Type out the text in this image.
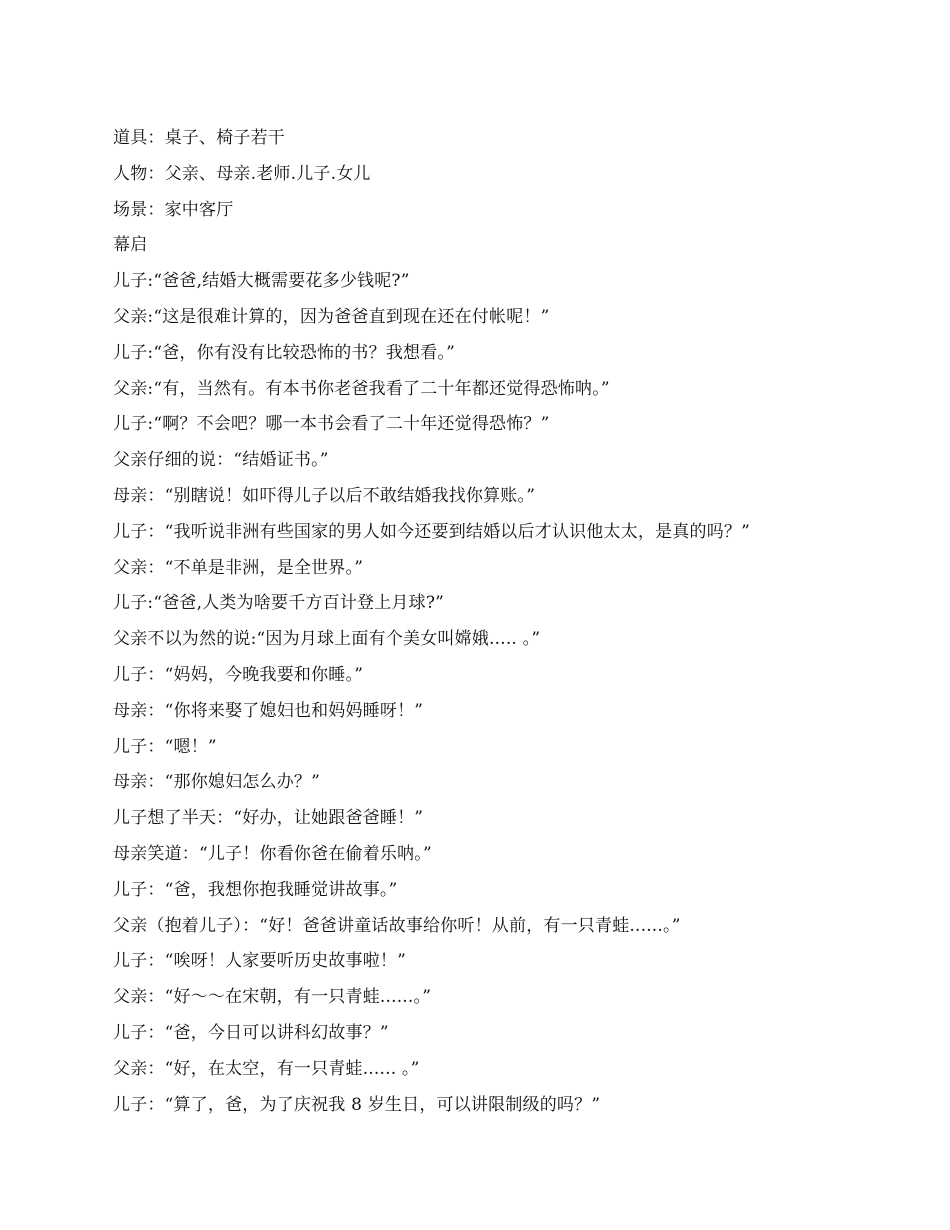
道具：桌子、椅子若干
人物：父亲、母亲.老师.儿子.女儿
场景：家中客厅
幕启
儿子:“爸爸,结婚大概需要花多少钱呢?”
父亲:“这是很难计算的，因为爸爸直到现在还在付帐呢！”
儿子:“爸，你有没有比较恐怖的书？我想看。”
父亲:“有，当然有。有本书你老爸我看了二十年都还觉得恐怖呐。”
儿子:“啊？不会吧？哪一本书会看了二十年还觉得恐怖？”
父亲仔细的说：“结婚证书。”
母亲：“别瞎说！如吓得儿子以后不敢结婚我找你算账。”
儿子：“我听说非洲有些国家的男人如今还要到结婚以后才认识他太太，是真的吗？”
父亲：“不单是非洲，是全世界。”
儿子:“爸爸,人类为啥要千方百计登上月球?”
父亲不以为然的说:“因为月球上面有个美女叫嫦娥..... 。”
儿子：“妈妈，今晚我要和你睡。”
母亲：“你将来娶了媳妇也和妈妈睡呀！”
儿子：“嗯！”
母亲：“那你媳妇怎么办？”
儿子想了半天：“好办，让她跟爸爸睡！”
母亲笑道：“儿子！你看你爸在偷着乐呐。”
儿子：“爸，我想你抱我睡觉讲故事。”
父亲（抱着儿子）：“好！爸爸讲童话故事给你听！从前，有一只青蛙......。”
儿子：“唉呀！人家要听历史故事啦！”
父亲：“好～～在宋朝，有一只青蛙......。”
儿子：“爸，今日可以讲科幻故事？”
父亲：“好，在太空，有一只青蛙...... 。”
儿子：“算了，爸，为了庆祝我 8 岁生日，可以讲限制级的吗？”
